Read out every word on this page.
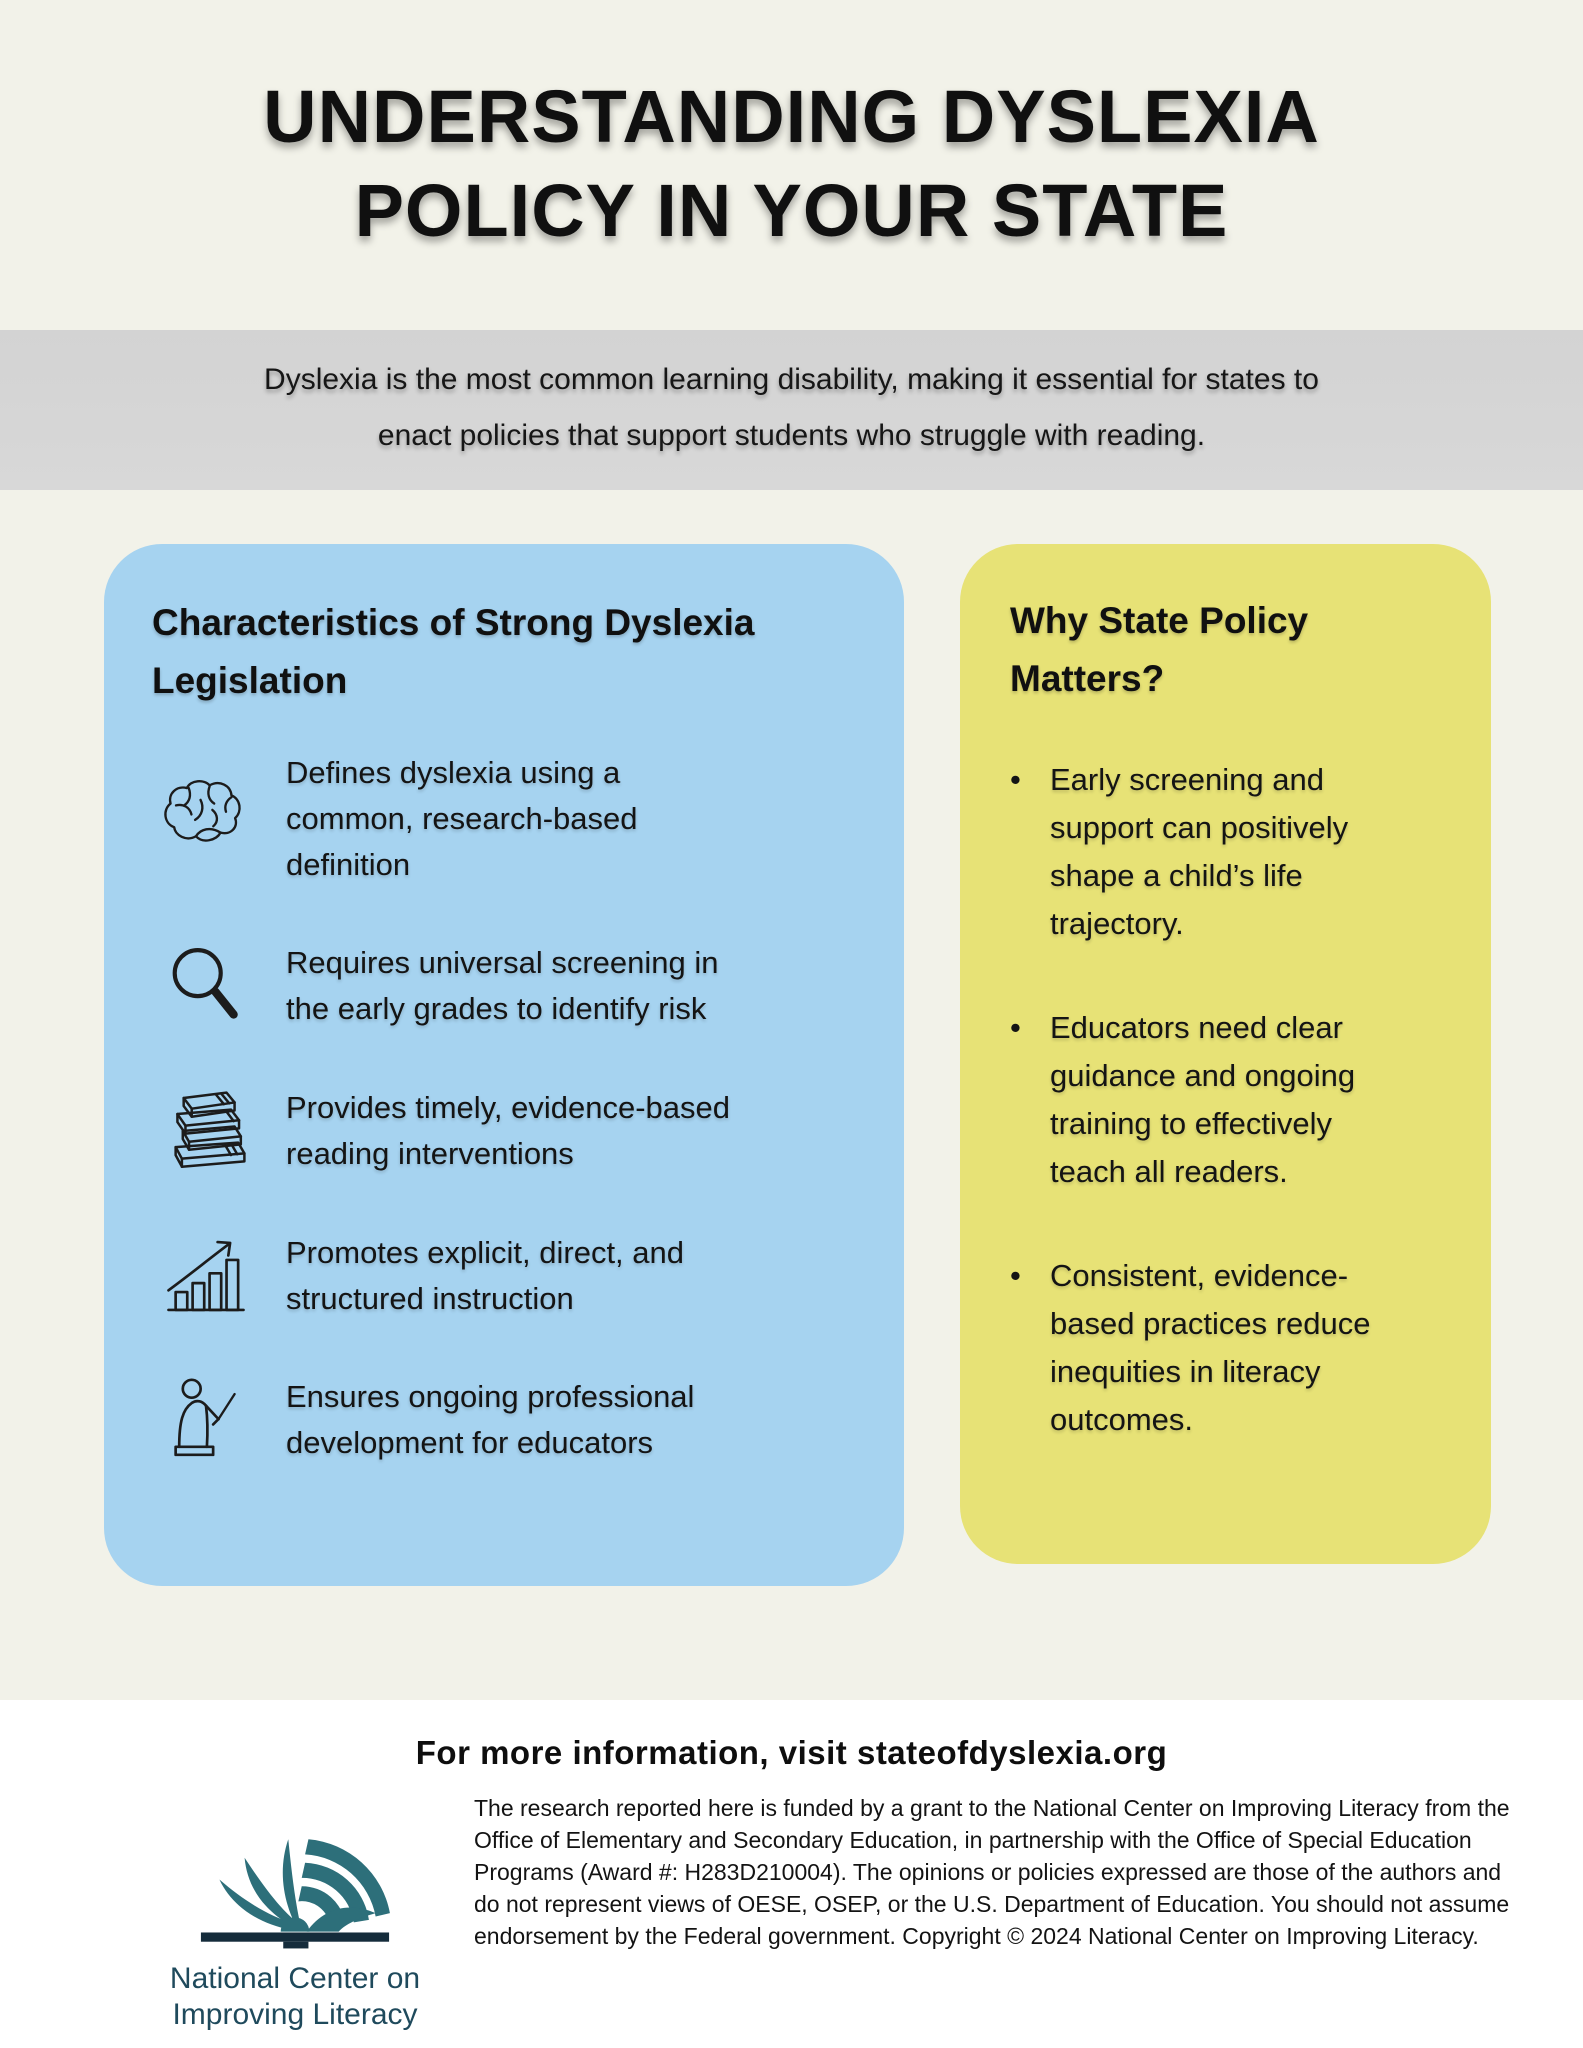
UNDERSTANDING DYSLEXIA
POLICY IN YOUR STATE
Dyslexia is the most common learning disability, making it essential for states to
enact policies that support students who struggle with reading.
Characteristics of Strong Dyslexia Legislation

Defines dyslexia using a common, research-based definition

Requires universal screening in the early grades to identify risk

Provides timely, evidence-based reading interventions

Promotes explicit, direct, and structured instruction

Ensures ongoing professional development for educators

Why State Policy Matters?

• Early screening and support can positively shape a child’s life trajectory.

• Educators need clear guidance and ongoing training to effectively teach all readers.

• Consistent, evidence-based practices reduce inequities in literacy outcomes.

For more information, visit stateofdyslexia.org

National Center on
Improving Literacy

The research reported here is funded by a grant to the National Center on Improving Literacy from the Office of Elementary and Secondary Education, in partnership with the Office of Special Education Programs (Award #: H283D210004). The opinions or policies expressed are those of the authors and do not represent views of OESE, OSEP, or the U.S. Department of Education. You should not assume endorsement by the Federal government. Copyright © 2024 National Center on Improving Literacy.
